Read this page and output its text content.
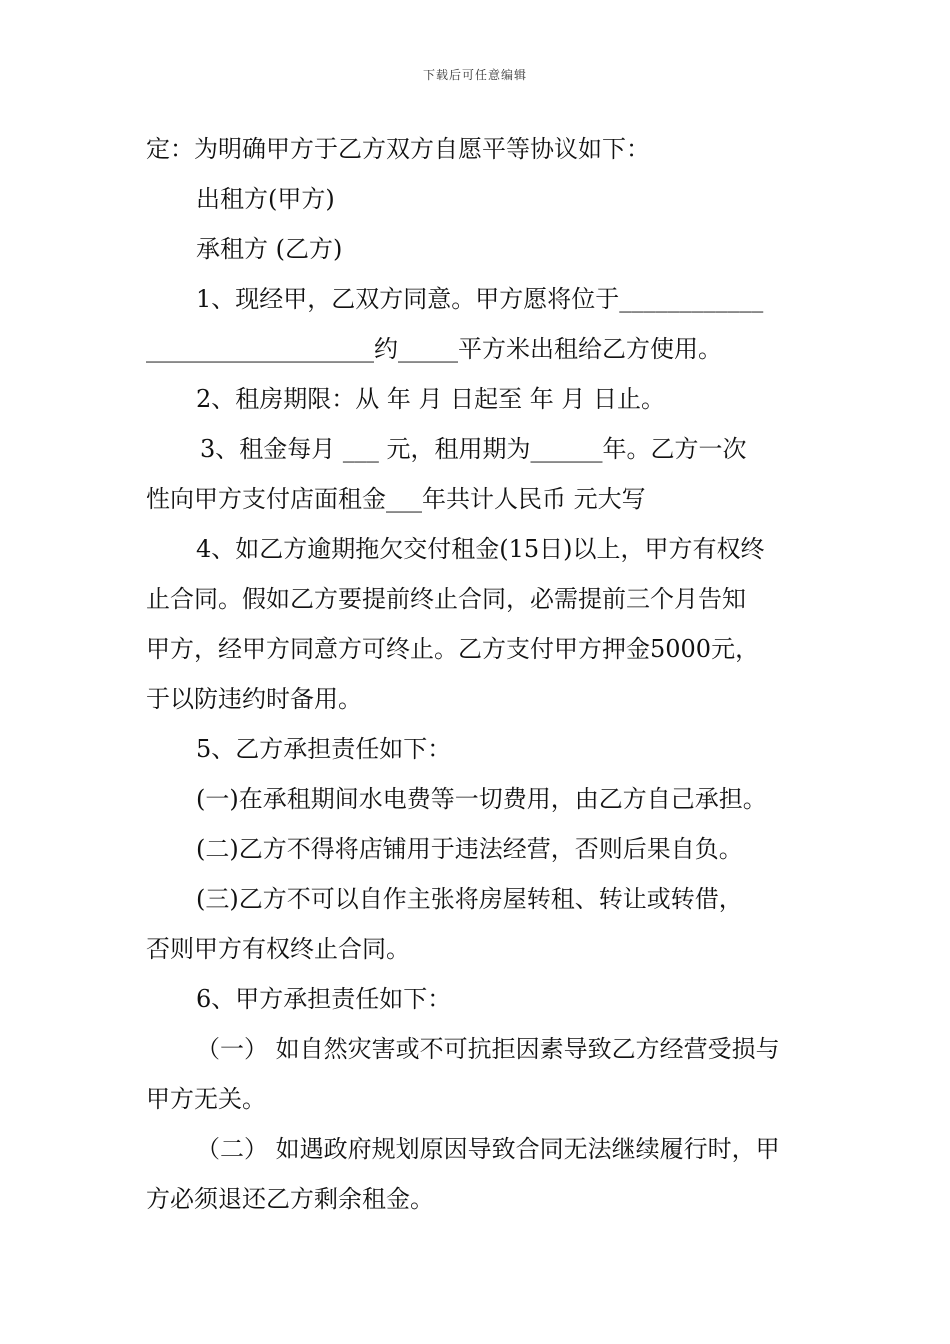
下载后可任意编辑
定：为明确甲方于乙方双方自愿平等协议如下：
出租方(甲方)
承租方 (乙方)
1、现经甲，乙双方同意。甲方愿将位于____________
___________________约_____平方米出租给乙方使用。
2、租房期限：从 年 月 日起至 年 月 日止。
3、租金每月 ___ 元，租用期为______年。乙方一次
性向甲方支付店面租金___年共计人民币 元大写
4、如乙方逾期拖欠交付租金(15日)以上，甲方有权终
止合同。假如乙方要提前终止合同，必需提前三个月告知
甲方，经甲方同意方可终止。乙方支付甲方押金5000元，
于以防违约时备用。
5、乙方承担责任如下：
(一)在承租期间水电费等一切费用，由乙方自己承担。
(二)乙方不得将店铺用于违法经营，否则后果自负。
(三)乙方不可以自作主张将房屋转租、转让或转借，
否则甲方有权终止合同。
6、甲方承担责任如下：
（一） 如自然灾害或不可抗拒因素导致乙方经营受损与
甲方无关。
（二） 如遇政府规划原因导致合同无法继续履行时，甲
方必须退还乙方剩余租金。
